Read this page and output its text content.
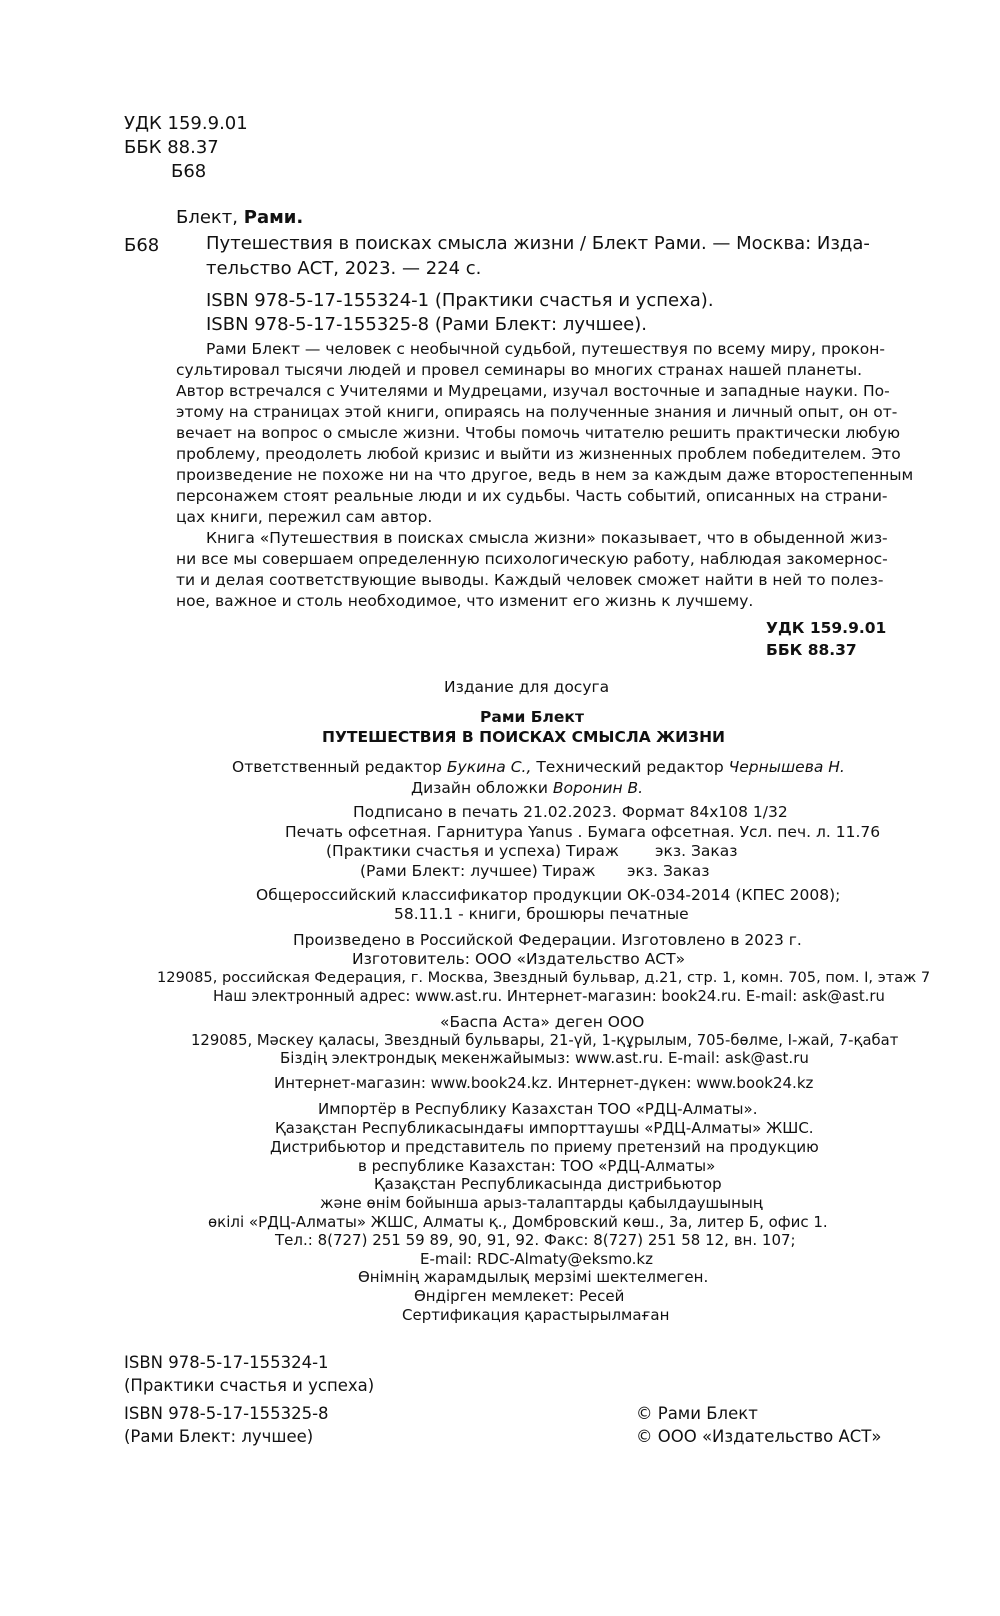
УДК 159.9.01
ББК 88.37
Б68
Блект, Рами.
Б68	Путешествия в поисках смысла жизни / Блект Рами. — Москва: Изда-
тельство АСТ, 2023. — 224 с.
ISBN 978-5-17-155324-1 (Практики счастья и успеха).
ISBN 978-5-17-155325-8 (Рами Блект: лучшее).
Рами Блект — человек с необычной судьбой, путешествуя по всему миру, прокон-
сультировал тысячи людей и провел семинары во многих странах нашей планеты.
Автор встречался с Учителями и Мудрецами, изучал восточные и западные науки. По-
этому на страницах этой книги, опираясь на полученные знания и личный опыт, он от-
вечает на вопрос о смысле жизни. Чтобы помочь читателю решить практически любую
проблему, преодолеть любой кризис и выйти из жизненных проблем победителем. Это
произведение не похоже ни на что другое, ведь в нем за каждым даже второстепенным
персонажем стоят реальные люди и их судьбы. Часть событий, описанных на страни-
цах книги, пережил сам автор.
Книга «Путешествия в поисках смысла жизни» показывает, что в обыденной жиз-
ни все мы совершаем определенную психологическую работу, наблюдая закомернос-
ти и делая соответствующие выводы. Каждый человек сможет найти в ней то полез-
ное, важное и столь необходимое, что изменит его жизнь к лучшему.
УДК 159.9.01
ББК 88.37
Издание для досуга
Рами Блект
ПУТЕШЕСТВИЯ В ПОИСКАХ СМЫСЛА ЖИЗНИ
Ответственный редактор Букина С., Технический редактор Чернышева Н.
Дизайн обложки Воронин В.
Подписано в печать 21.02.2023. Формат 84х108 1/32
Печать офсетная. Гарнитура Yanus . Бумага офсетная. Усл. печ. л. 11.76
(Практики счастья и успеха) Тираж экз. Заказ
(Рами Блект: лучшее) Тираж экз. Заказ
Общероссийский классификатор продукции ОК-034-2014 (КПЕС 2008);
58.11.1 - книги, брошюры печатные
Произведено в Российской Федерации. Изготовлено в 2023 г.
Изготовитель: ООО «Издательство АСТ»
129085, российская Федерация, г. Москва, Звездный бульвар, д.21, стр. 1, комн. 705, пом. I, этаж 7
Наш электронный адрес: www.ast.ru. Интернет-магазин: book24.ru. E-mail: ask@ast.ru
«Баспа Аста» деген ООО
129085, Мәскеу қаласы, Звездный бульвары, 21-үй, 1-құрылым, 705-бөлме, I-жай, 7-қабат
Біздің электрондық мекенжайымыз: www.ast.ru. E-mail: ask@ast.ru
Интернет-магазин: www.book24.kz. Интернет-дүкен: www.book24.kz
Импортёр в Республику Казахстан ТОО «РДЦ-Алматы».
Қазақстан Республикасындағы импорттаушы «РДЦ-Алматы» ЖШС.
Дистрибьютор и представитель по приему претензий на продукцию
в республике Казахстан: ТОО «РДЦ-Алматы»
Қазақстан Республикасында дистрибьютор
және өнім бойынша арыз-талаптарды қабылдаушының
өкілі «РДЦ-Алматы» ЖШС, Алматы қ., Домбровский көш., 3а, литер Б, офис 1.
Тел.: 8(727) 251 59 89, 90, 91, 92. Факс: 8(727) 251 58 12, вн. 107;
E-mail: RDC-Almaty@eksmo.kz
Өнімнің жарамдылық мерзімі шектелмеген.
Өндірген мемлекет: Ресей
Сертификация қарастырылмаған
ISBN 978-5-17-155324-1
(Практики счастья и успеха)
ISBN 978-5-17-155325-8
(Рами Блект: лучшее)
© Рами Блект
© ООО «Издательство АСТ»
